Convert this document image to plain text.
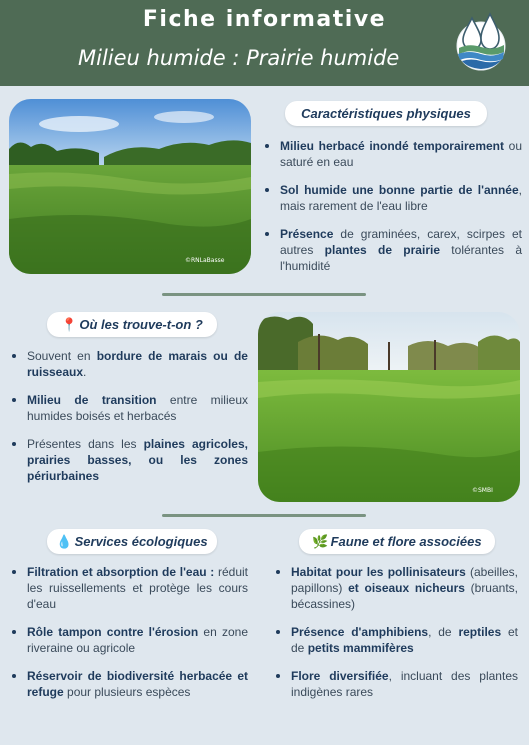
Fiche informative
Milieu humide : Prairie humide
©RNLaBasse
Caractéristiques physiques
Milieu herbacé inondé temporairement ou saturé en eau
Sol humide une bonne partie de l'année, mais rarement de l'eau libre
Présence de graminées, carex, scirpes et autres plantes de prairie tolérantes à l'humidité
📍 Où les trouve-t-on ?
Souvent en bordure de marais ou de ruisseaux.
Milieu de transition entre milieux humides boisés et herbacés
Présentes dans les plaines agricoles, prairies basses, ou les zones périurbaines
©SMBI
💧 Services écologiques
Filtration et absorption de l'eau : réduit les ruissellements et protège les cours d'eau
Rôle tampon contre l'érosion en zone riveraine ou agricole
Réservoir de biodiversité herbacée et refuge pour plusieurs espèces
🌿 Faune et flore associées
Habitat pour les pollinisateurs (abeilles, papillons) et oiseaux nicheurs (bruants, bécassines)
Présence d'amphibiens, de reptiles et de petits mammifères
Flore diversifiée, incluant des plantes indigènes rares
